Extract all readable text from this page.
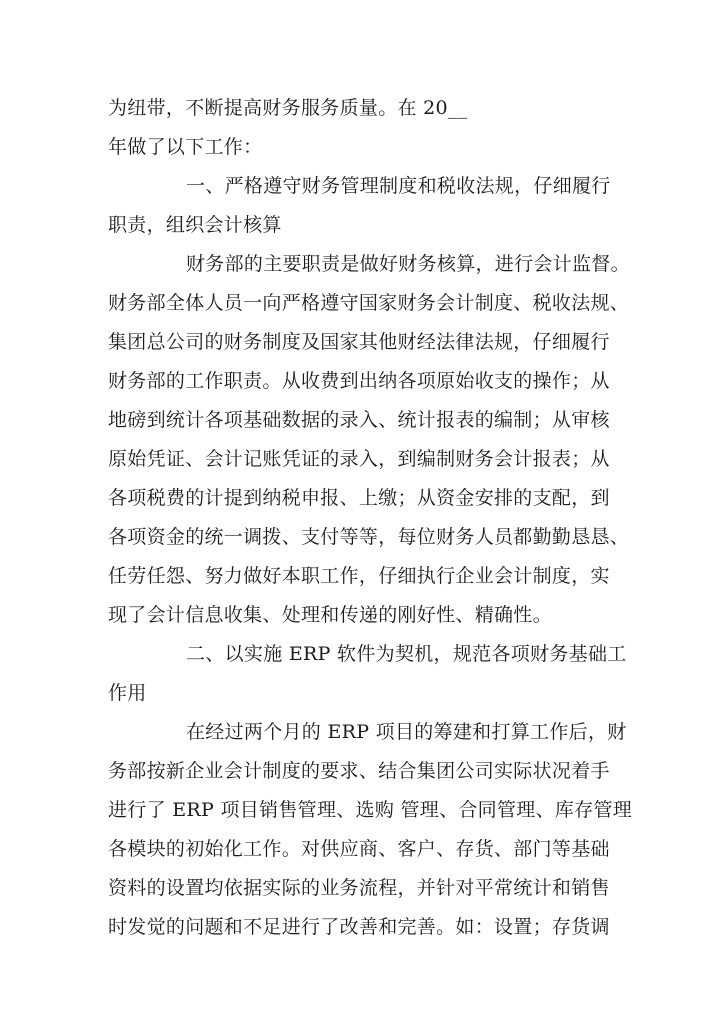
为纽带，不断提高财务服务质量。在 20__
年做了以下工作：
一、严格遵守财务管理制度和税收法规，仔细履行
职责，组织会计核算
财务部的主要职责是做好财务核算，进行会计监督。
财务部全体人员一向严格遵守国家财务会计制度、税收法规、
集团总公司的财务制度及国家其他财经法律法规，仔细履行
财务部的工作职责。从收费到出纳各项原始收支的操作；从
地磅到统计各项基础数据的录入、统计报表的编制；从审核
原始凭证、会计记账凭证的录入，到编制财务会计报表；从
各项税费的计提到纳税申报、上缴；从资金安排的支配，到
各项资金的统一调拨、支付等等，每位财务人员都勤勤恳恳、
任劳任怨、努力做好本职工作，仔细执行企业会计制度，实
现了会计信息收集、处理和传递的刚好性、精确性。
二、以实施 ERP 软件为契机，规范各项财务基础工
作用
在经过两个月的 ERP 项目的筹建和打算工作后，财
务部按新企业会计制度的要求、结合集团公司实际状况着手
进行了 ERP 项目销售管理、选购 管理、合同管理、库存管理
各模块的初始化工作。对供应商、客户、存货、部门等基础
资料的设置均依据实际的业务流程，并针对平常统计和销售
时发觉的问题和不足进行了改善和完善。如：设置；存货调
